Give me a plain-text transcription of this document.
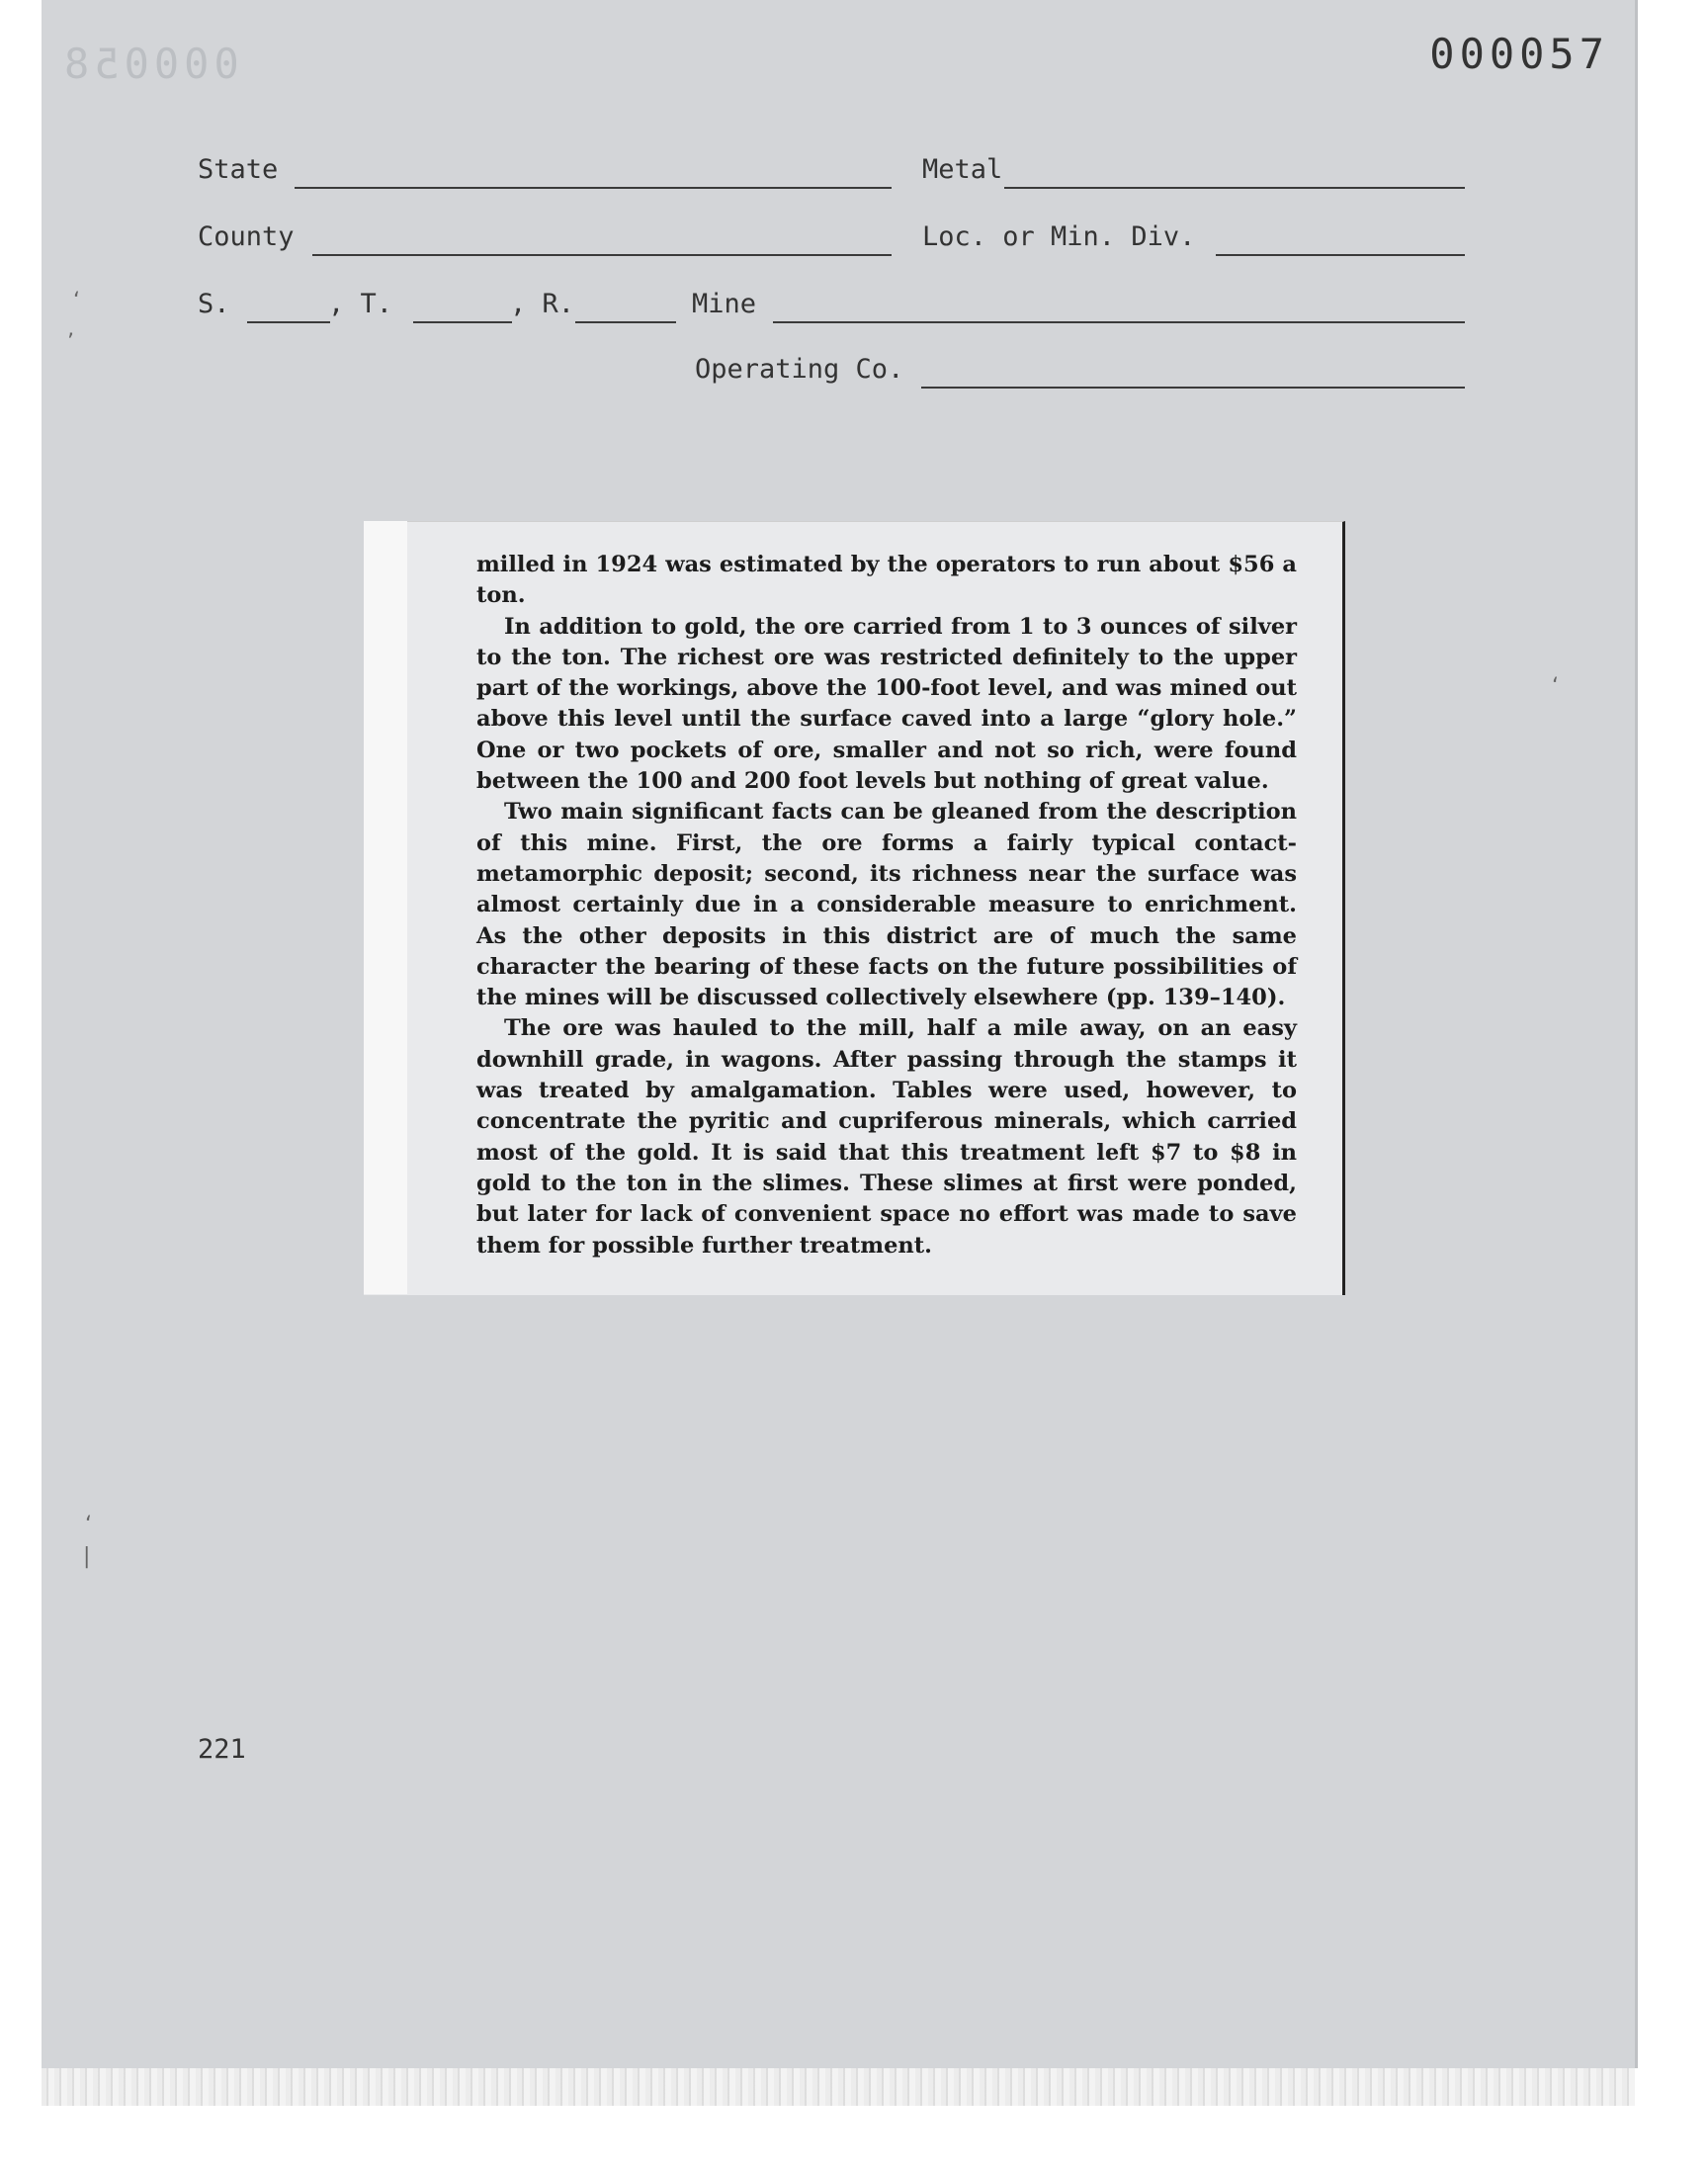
000058	000057
State	Metal
County	Loc. or Min. Div.
S.	, T.	, R.	Mine
Operating Co.

milled in 1924 was estimated by the operators to run about $56 a ton.

In addition to gold, the ore carried from 1 to 3 ounces of silver to the ton. The richest ore was restricted definitely to the upper part of the workings, above the 100-foot level, and was mined out above this level until the surface caved into a large “glory hole.” One or two pockets of ore, smaller and not so rich, were found between the 100 and 200 foot levels but nothing of great value.

Two main significant facts can be gleaned from the description of this mine. First, the ore forms a fairly typical contact-metamorphic deposit; second, its richness near the surface was almost certainly due in a considerable measure to enrichment. As the other deposits in this district are of much the same character the bearing of these facts on the future possibilities of the mines will be discussed collectively elsewhere (pp. 139–140).

The ore was hauled to the mill, half a mile away, on an easy downhill grade, in wagons. After passing through the stamps it was treated by amalgamation. Tables were used, however, to concentrate the pyritic and cupriferous minerals, which carried most of the gold. It is said that this treatment left $7 to $8 in gold to the ton in the slimes. These slimes at first were ponded, but later for lack of convenient space no effort was made to save them for possible further treatment.

221
‘
’
‘
|
‘
